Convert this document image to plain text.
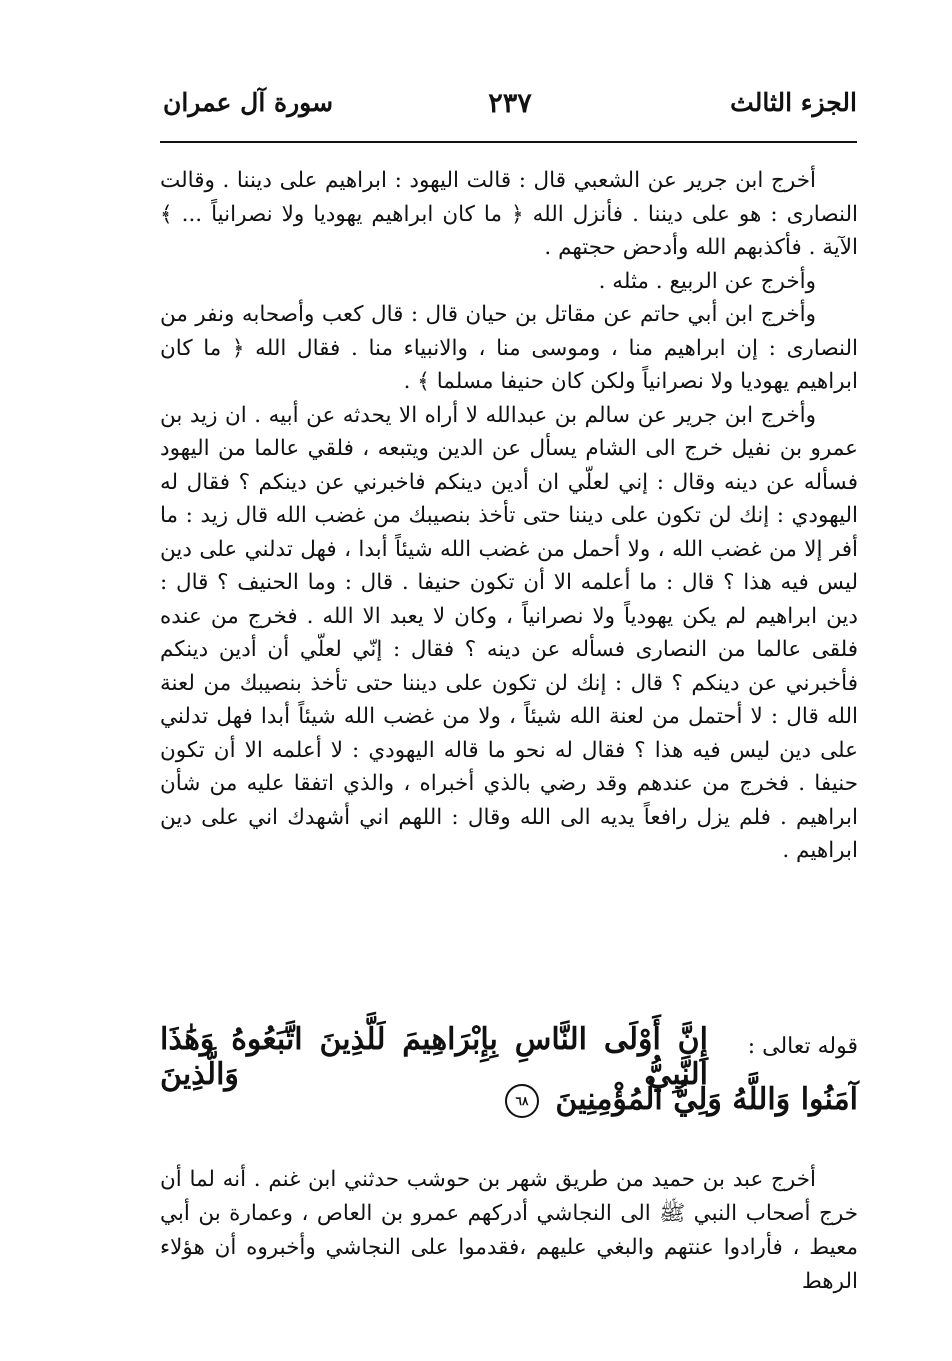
الجزء الثالث
٢٣٧
سورة آل عمران

أخرج ابن جرير عن الشعبي قال : قالت اليهود : ابراهيم على ديننا . وقالت النصارى : هو على ديننا . فأنزل الله ﴿ ما كان ابراهيم يهوديا ولا نصرانياً ... ﴾ الآية . فأكذبهم الله وأدحض حجتهم .

وأخرج عن الربيع . مثله .

وأخرج ابن أبي حاتم عن مقاتل بن حيان قال : قال كعب وأصحابه ونفر من النصارى : إن ابراهيم منا ، وموسى منا ، والانبياء منا . فقال الله ﴿ ما كان ابراهيم يهوديا ولا نصرانياً ولكن كان حنيفا مسلما ﴾ .

وأخرج ابن جرير عن سالم بن عبدالله لا أراه الا يحدثه عن أبيه . ان زيد بن عمرو بن نفيل خرج الى الشام يسأل عن الدين ويتبعه ، فلقي عالما من اليهود فسأله عن دينه وقال : إني لعلّي ان أدين دينكم فاخبرني عن دينكم ؟ فقال له اليهودي : إنك لن تكون على ديننا حتى تأخذ بنصيبك من غضب الله قال زيد : ما أفر إلا من غضب الله ، ولا أحمل من غضب الله شيئاً أبدا ، فهل تدلني على دين ليس فيه هذا ؟ قال : ما أعلمه الا أن تكون حنيفا . قال : وما الحنيف ؟ قال : دين ابراهيم لم يكن يهودياً ولا نصرانياً ، وكان لا يعبد الا الله . فخرج من عنده فلقى عالما من النصارى فسأله عن دينه ؟ فقال : إنّي لعلّي أن أدين دينكم فأخبرني عن دينكم ؟ قال : إنك لن تكون على ديننا حتى تأخذ بنصيبك من لعنة الله قال : لا أحتمل من لعنة الله شيئاً ، ولا من غضب الله شيئاً أبدا فهل تدلني على دين ليس فيه هذا ؟ فقال له نحو ما قاله اليهودي : لا أعلمه الا أن تكون حنيفا . فخرج من عندهم وقد رضي بالذي أخبراه ، والذي اتفقا عليه من شأن ابراهيم . فلم يزل رافعاً يديه الى الله وقال : اللهم اني أشهدك اني على دين ابراهيم .

قوله تعالى :
إِنَّ أَوْلَى النَّاسِ بِإِبْرَاهِيمَ لَلَّذِينَ اتَّبَعُوهُ وَهَٰذَا النَّبِيُّ وَالَّذِينَ
آمَنُوا وَاللَّهُ وَلِيُّ الْمُؤْمِنِينَ ٦٨

أخرج عبد بن حميد من طريق شهر بن حوشب حدثني ابن غنم . أنه لما أن خرج أصحاب النبي ﷺ الى النجاشي أدركهم عمرو بن العاص ، وعمارة بن أبي معيط ، فأرادوا عنتهم والبغي عليهم ،فقدموا على النجاشي وأخبروه أن هؤلاء الرهط
